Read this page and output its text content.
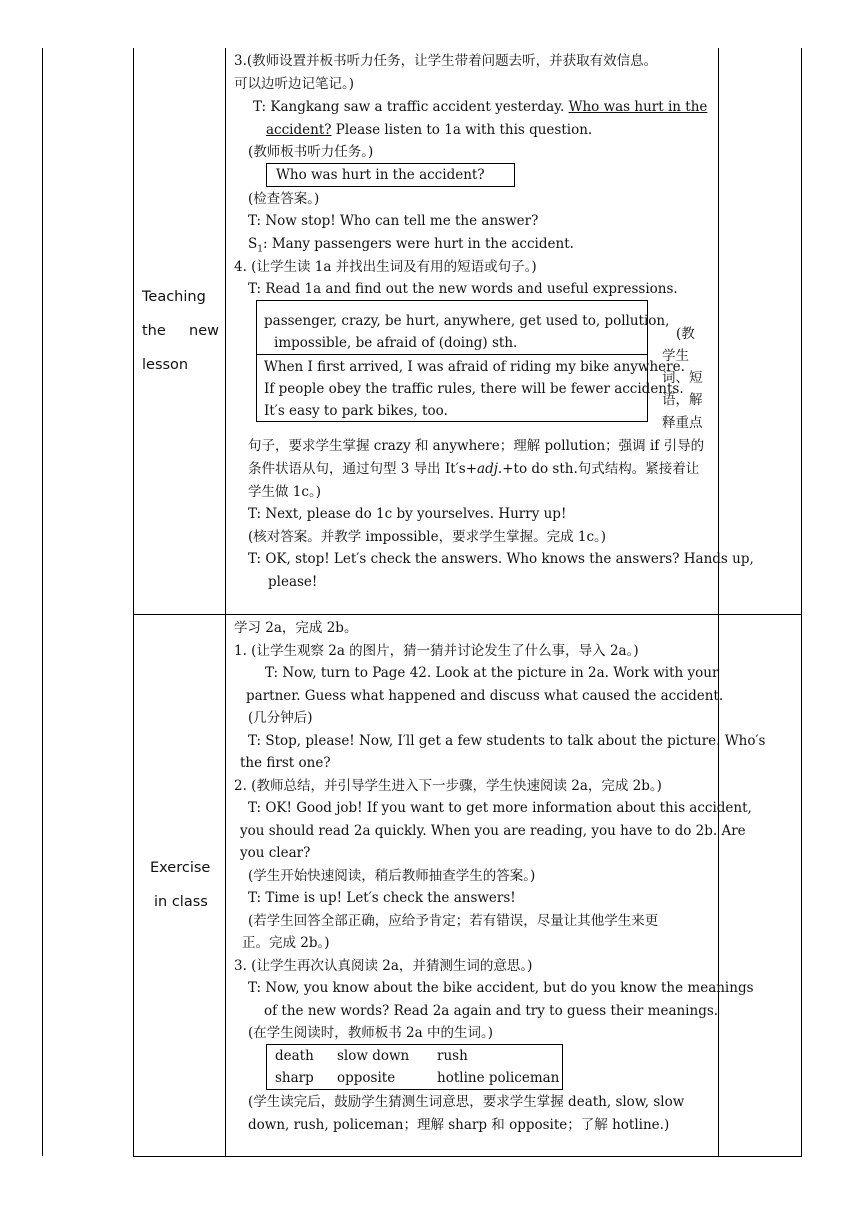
Teaching
the new
lesson
3.(教师设置并板书听力任务，让学生带着问题去听，并获取有效信息。
可以边听边记笔记。)
T: Kangkang saw a traffic accident yesterday. Who was hurt in the
accident? Please listen to 1a with this question.
(教师板书听力任务。)
Who was hurt in the accident?
(检查答案。)
T: Now stop! Who can tell me the answer?
$S_1$: Many passengers were hurt in the accident.
4. (让学生读 1a 并找出生词及有用的短语或句子。)
T: Read 1a and find out the new words and useful expressions.
passenger, crazy, be hurt, anywhere, get used to, pollution,
impossible, be afraid of (doing) sth.
When I first arrived, I was afraid of riding my bike anywhere.
If people obey the traffic rules, there will be fewer accidents.
It′s easy to park bikes, too.
(教
学生
词、短
语，解
释重点
句子，要求学生掌握 crazy 和 anywhere；理解 pollution；强调 if 引导的
条件状语从句，通过句型 3 导出 It′s+adj.+to do sth.句式结构。紧接着让
学生做 1c。)
T: Next, please do 1c by yourselves. Hurry up!
(核对答案。并教学 impossible，要求学生掌握。完成 1c。)
T: OK, stop! Let′s check the answers. Who knows the answers? Hands up,
please!
Exercise
in class
学习 2a，完成 2b。
1. (让学生观察 2a 的图片，猜一猜并讨论发生了什么事，导入 2a。)
T: Now, turn to Page 42. Look at the picture in 2a. Work with your
partner. Guess what happened and discuss what caused the accident.
(几分钟后)
T: Stop, please! Now, I′ll get a few students to talk about the picture. Who′s
the first one?
2. (教师总结，并引导学生进入下一步骤，学生快速阅读 2a，完成 2b。)
T: OK! Good job! If you want to get more information about this accident,
you should read 2a quickly. When you are reading, you have to do 2b. Are
you clear?
(学生开始快速阅读，稍后教师抽查学生的答案。)
T: Time is up! Let′s check the answers!
(若学生回答全部正确，应给予肯定；若有错误，尽量让其他学生来更
正。完成 2b。)
3. (让学生再次认真阅读 2a，并猜测生词的意思。)
T: Now, you know about the bike accident, but do you know the meanings
of the new words? Read 2a again and try to guess their meanings.
(在学生阅读时，教师板书 2a 中的生词。)
death slow down rush
sharp opposite	hotline policeman
(学生读完后，鼓励学生猜测生词意思，要求学生掌握 death, slow, slow
down, rush, policeman；理解 sharp 和 opposite；了解 hotline.)
